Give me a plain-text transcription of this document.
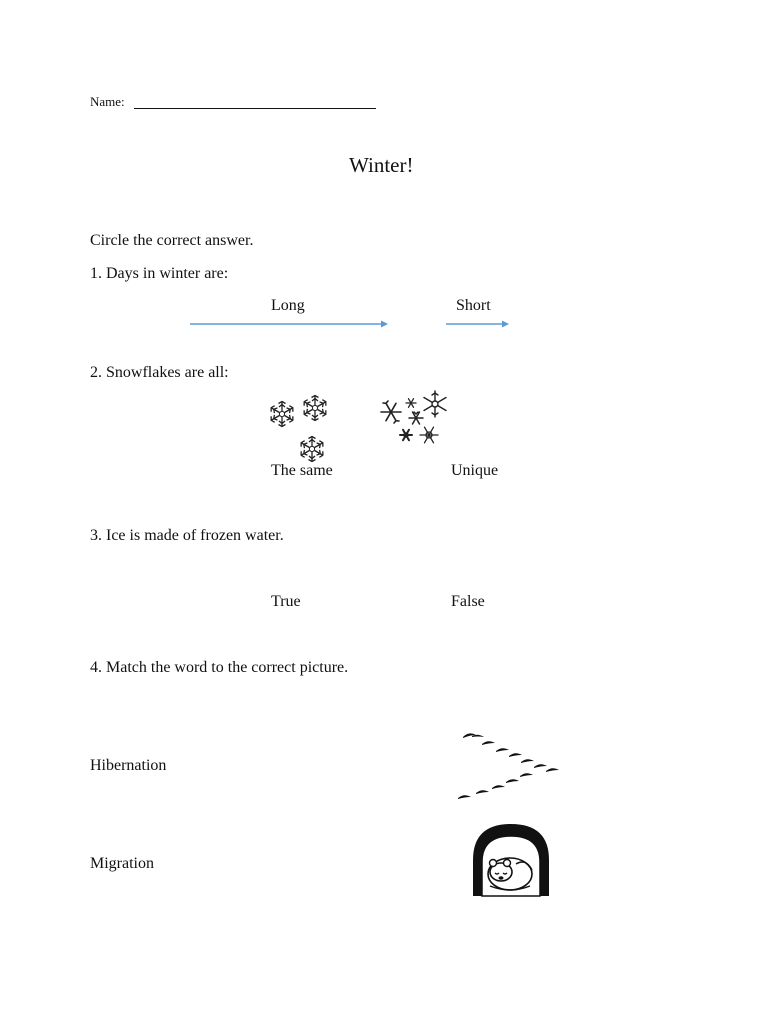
Name:
Winter!
Circle the correct answer.
1. Days in winter are:
Long	Short
2. Snowflakes are all:
The same	Unique
3. Ice is made of frozen water.
True	False
4. Match the word to the correct picture.
Hibernation
Migration
